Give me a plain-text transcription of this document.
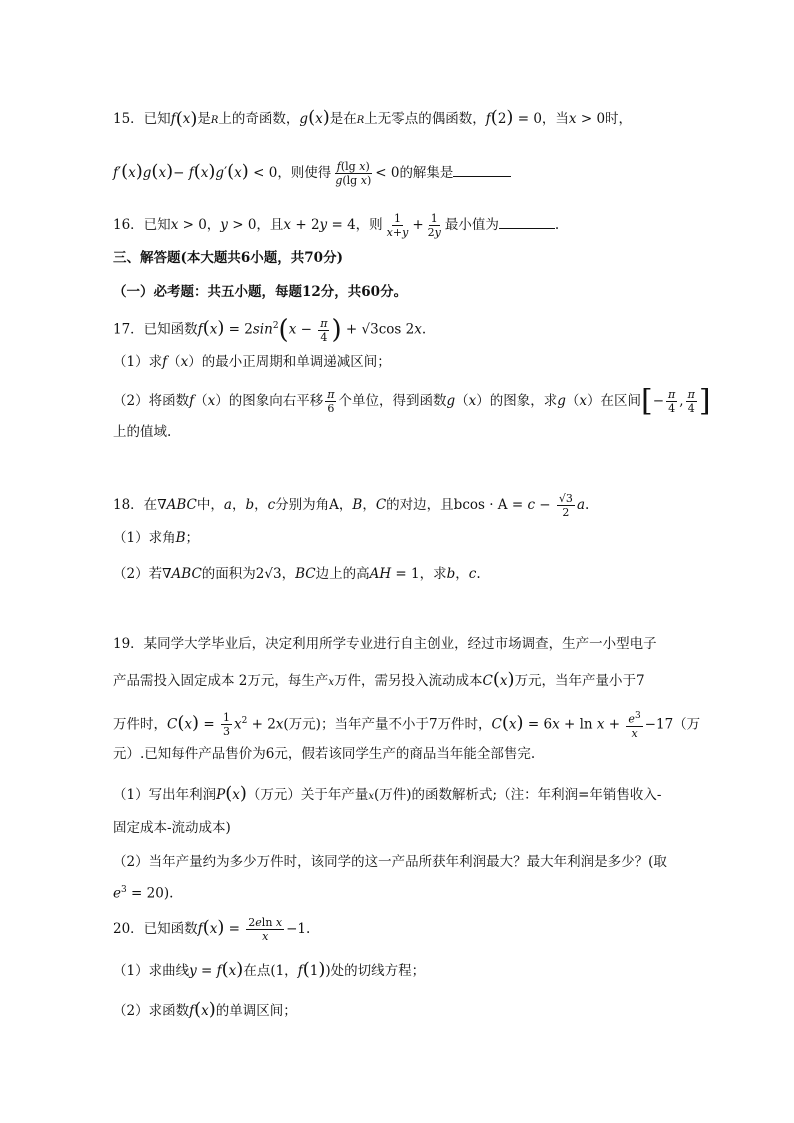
15．已知f(x)是R上的奇函数，g(x)是在R上无零点的偶函数，f(2) = 0，当x > 0时，
f′(x)g(x)− f(x)g′(x) < 0，则使得 $\frac{\text{f(lg x)}}{\text{g(lg x)}} < 0$的解集是
16．已知x > 0，y > 0，且x + 2y = 4，则 $\frac{1}{x+y} + \frac{1}{2y}$ 最小值为	.
三、解答题(本大题共6小题，共70分)
（一）必考题：共五小题，每题12分，共60分。
17．已知函数$f(x) = 2\sin^2(x - \frac{\pi}{4}$ ) + √3cos 2x.
（1）求f（x）的最小正周期和单调递减区间；
（2）将函数f（x）的图象向右平移 $\frac{\pi}{6}$ 个单位，得到函数g（x）的图象，求g（x）在区间[− $\frac{\pi}{4}$ , $\frac{\pi}{4}$ ]
上的值域.
18．在∇ABC中，a，b，c分别为角A，B，C的对边，且$bcos \cdot A = c - \frac{√3}{2} a$.
（1）求角B；
（2）若∇ABC的面积为2√3，BC边上的高AH = 1，求b，c.
19．某同学大学毕业后，决定利用所学专业进行自主创业，经过市场调查，生产一小型电子
产品需投入固定成本 2万元，每生产x万件，需另投入流动成本C(x)万元，当年产量小于7
万件时，$C(x) = \frac{1}{3} x^2 + 2x$(万元)；当年产量不小于7万件时，$C(x) = 6x + \ln x + \frac{e^3}{x} -17$（万
元）.已知每件产品售价为6元，假若该同学生产的商品当年能全部售完.
（1）写出年利润P(x)（万元）关于年产量x(万件)的函数解析式;（注：年利润=年销售收入-
固定成本-流动成本)
（2）当年产量约为多少万件时，该同学的这一产品所获年利润最大？最大年利润是多少？(取
$e^3 = 20$).
20．已知函数$f(x) = \frac{\text{2eln x}}{x} -1$.
（1）求曲线y = f(x)在点(1，f(1))处的切线方程；
（2）求函数f(x)的单调区间；
